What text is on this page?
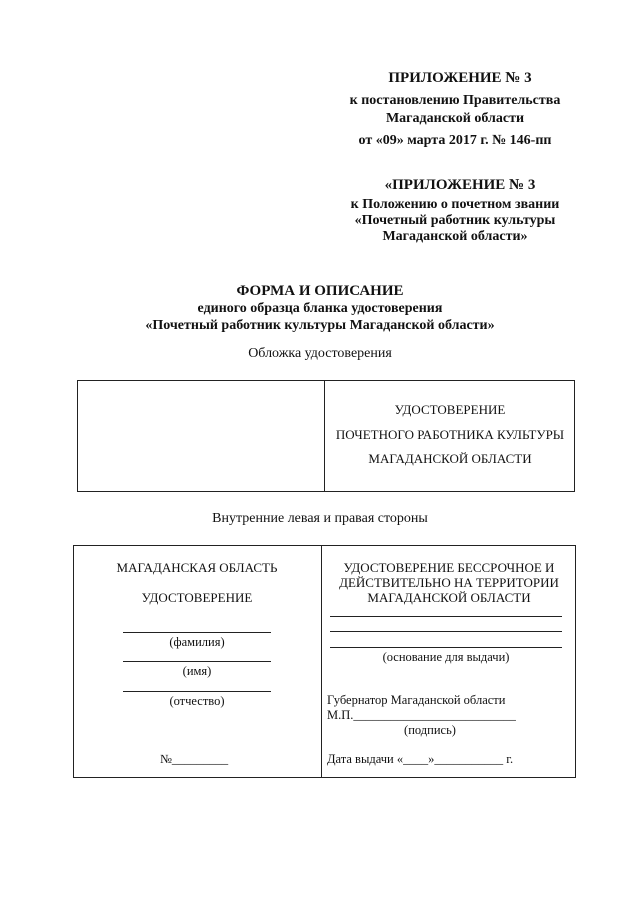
ПРИЛОЖЕНИЕ № 3
к постановлению Правительства
Магаданской области
от «09» марта 2017 г. № 146-пп
«ПРИЛОЖЕНИЕ № 3
к Положению о почетном звании
«Почетный работник культуры
Магаданской области»
ФОРМА И ОПИСАНИЕ
единого образца бланка удостоверения
«Почетный работник культуры Магаданской области»
Обложка удостоверения
УДОСТОВЕРЕНИЕ
ПОЧЕТНОГО РАБОТНИКА КУЛЬТУРЫ
МАГАДАНСКОЙ ОБЛАСТИ
Внутренние левая и правая стороны
МАГАДАНСКАЯ ОБЛАСТЬ
УДОСТОВЕРЕНИЕ
(фамилия)
(имя)
(отчество)
№_________
УДОСТОВЕРЕНИЕ БЕССРОЧНОЕ И
ДЕЙСТВИТЕЛЬНО НА ТЕРРИТОРИИ
МАГАДАНСКОЙ ОБЛАСТИ
(основание для выдачи)
Губернатор Магаданской области
М.П.__________________________
(подпись)
Дата выдачи «____»___________ г.
